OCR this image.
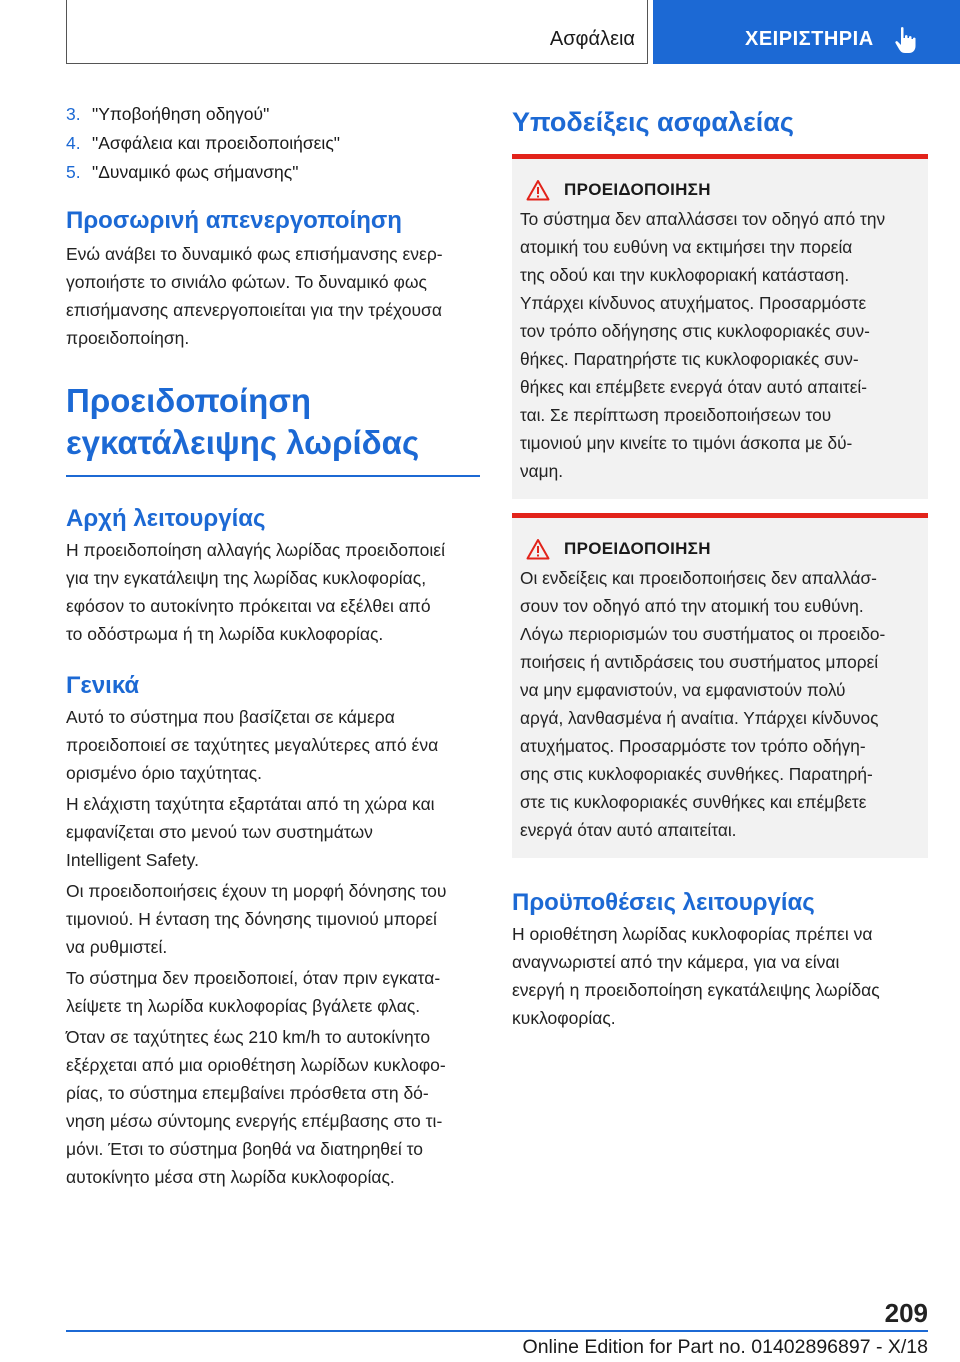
Ασφάλεια	ΧΕΙΡΙΣΤΗΡΙΑ
3. "Υποβοήθηση οδηγού"
4. "Ασφάλεια και προειδοποιήσεις"
5. "Δυναμικό φως σήμανσης"
Προσωρινή απενεργοποίηση

Ενώ ανάβει το δυναμικό φως επισήμανσης ενερ-
γοποιήστε το σινιάλο φώτων. Το δυναμικό φως
επισήμανσης απενεργοποιείται για την τρέχουσα
προειδοποίηση.

Προειδοποίηση
εγκατάλειψης λωρίδας
Αρχή λειτουργίας

Η προειδοποίηση αλλαγής λωρίδας προειδοποιεί
για την εγκατάλειψη της λωρίδας κυκλοφορίας,
εφόσον το αυτοκίνητο πρόκειται να εξέλθει από
το οδόστρωμα ή τη λωρίδα κυκλοφορίας.

Γενικά

Αυτό το σύστημα που βασίζεται σε κάμερα
προειδοποιεί σε ταχύτητες μεγαλύτερες από ένα
ορισμένο όριο ταχύτητας.

Η ελάχιστη ταχύτητα εξαρτάται από τη χώρα και
εμφανίζεται στο μενού των συστημάτων
Intelligent Safety.

Οι προειδοποιήσεις έχουν τη μορφή δόνησης του
τιμονιού. Η ένταση της δόνησης τιμονιού μπορεί
να ρυθμιστεί.

Το σύστημα δεν προειδοποιεί, όταν πριν εγκατα-
λείψετε τη λωρίδα κυκλοφορίας βγάλετε φλας.

Όταν σε ταχύτητες έως 210 km/h το αυτοκίνητο
εξέρχεται από μια οριοθέτηση λωρίδων κυκλοφο-
ρίας, το σύστημα επεμβαίνει πρόσθετα στη δό-
νηση μέσω σύντομης ενεργής επέμβασης στο τι-
μόνι. Έτσι το σύστημα βοηθά να διατηρηθεί το
αυτοκίνητο μέσα στη λωρίδα κυκλοφορίας.

Υποδείξεις ασφαλείας
ΠΡΟΕΙΔΟΠΟΙΗΣΗ

Το σύστημα δεν απαλλάσσει τον οδηγό από την
ατομική του ευθύνη να εκτιμήσει την πορεία
της οδού και την κυκλοφοριακή κατάσταση.
Υπάρχει κίνδυνος ατυχήματος. Προσαρμόστε
τον τρόπο οδήγησης στις κυκλοφοριακές συν-
θήκες. Παρατηρήστε τις κυκλοφοριακές συν-
θήκες και επέμβετε ενεργά όταν αυτό απαιτεί-
ται. Σε περίπτωση προειδοποιήσεων του
τιμονιού μην κινείτε το τιμόνι άσκοπα με δύ-
ναμη.

ΠΡΟΕΙΔΟΠΟΙΗΣΗ

Οι ενδείξεις και προειδοποιήσεις δεν απαλλάσ-
σουν τον οδηγό από την ατομική του ευθύνη.
Λόγω περιορισμών του συστήματος οι προειδο-
ποιήσεις ή αντιδράσεις του συστήματος μπορεί
να μην εμφανιστούν, να εμφανιστούν πολύ
αργά, λανθασμένα ή αναίτια. Υπάρχει κίνδυνος
ατυχήματος. Προσαρμόστε τον τρόπο οδήγη-
σης στις κυκλοφοριακές συνθήκες. Παρατηρή-
στε τις κυκλοφοριακές συνθήκες και επέμβετε
ενεργά όταν αυτό απαιτείται.

Προϋποθέσεις λειτουργίας

Η οριοθέτηση λωρίδας κυκλοφορίας πρέπει να
αναγνωριστεί από την κάμερα, για να είναι
ενεργή η προειδοποίηση εγκατάλειψης λωρίδας
κυκλοφορίας.

209
Online Edition for Part no. 01402896897 - X/18
